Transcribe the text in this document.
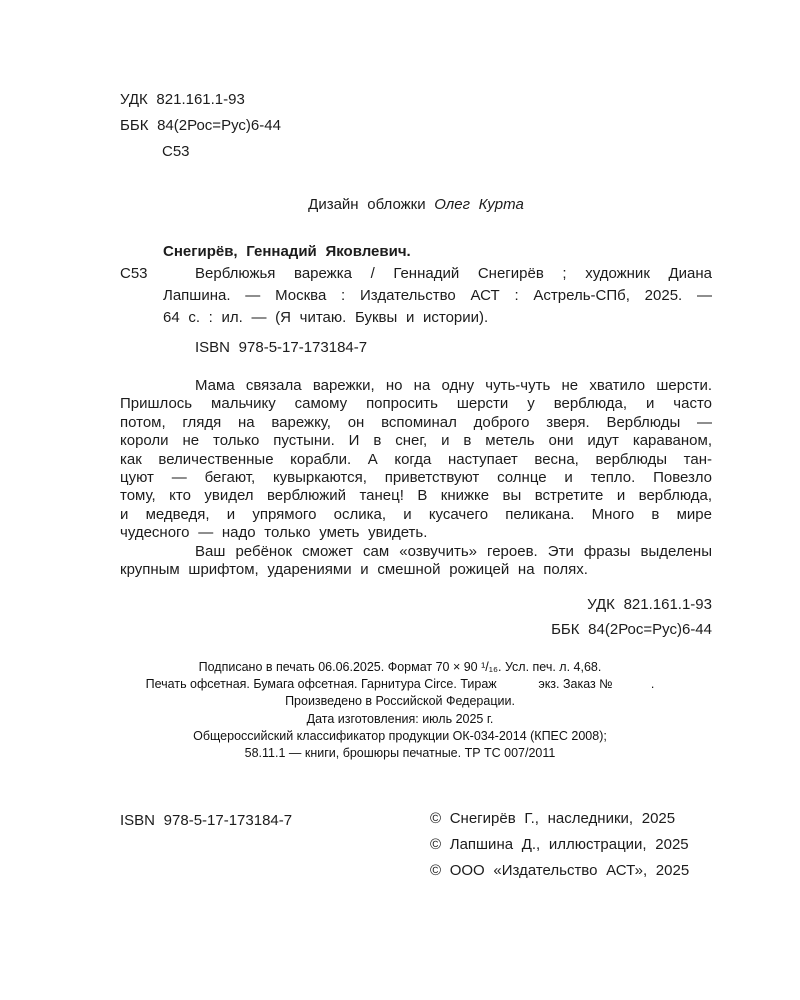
УДК 821.161.1-93
ББК 84(2Рос=Рус)6-44
С53
Дизайн обложки Олег Курта
Снегирёв, Геннадий Яковлевич.
С53	Верблюжья варежка / Геннадий Снегирёв ; художник Диана
Лапшина. — Москва : Издательство АСТ : Астрель-СПб, 2025. —
64 с. : ил. — (Я читаю. Буквы и истории).
ISBN 978-5-17-173184-7
Мама связала варежки, но на одну чуть-чуть не хватило шерсти.
Пришлось мальчику самому попросить шерсти у верблюда, и часто
потом, глядя на варежку, он вспоминал доброго зверя. Верблюды —
короли не только пустыни. И в снег, и в метель они идут караваном,
как величественные корабли. А когда наступает весна, верблюды тан-
цуют — бегают, кувыркаются, приветствуют солнце и тепло. Повезло
тому, кто увидел верблюжий танец! В книжке вы встретите и верблюда,
и медведя, и упрямого ослика, и кусачего пеликана. Много в мире
чудесного — надо только уметь увидеть.
Ваш ребёнок сможет сам «озвучить» героев. Эти фразы выделены
крупным шрифтом, ударениями и смешной рожицей на полях.
УДК 821.161.1-93
ББК 84(2Рос=Рус)6-44
Подписано в печать 06.06.2025. Формат 70 × 90 ¹/₁₆. Усл. печ. л. 4,68.
Печать офсетная. Бумага офсетная. Гарнитура Circe. Тираж            экз. Заказ №           .
Произведено в Российской Федерации.
Дата изготовления: июль 2025 г.
Общероссийский классификатор продукции ОК-034-2014 (КПЕС 2008);
58.11.1 — книги, брошюры печатные. ТР ТС 007/2011
ISBN 978-5-17-173184-7	© Снегирёв Г., наследники, 2025
© Лапшина Д., иллюстрации, 2025
© ООО «Издательство АСТ», 2025
